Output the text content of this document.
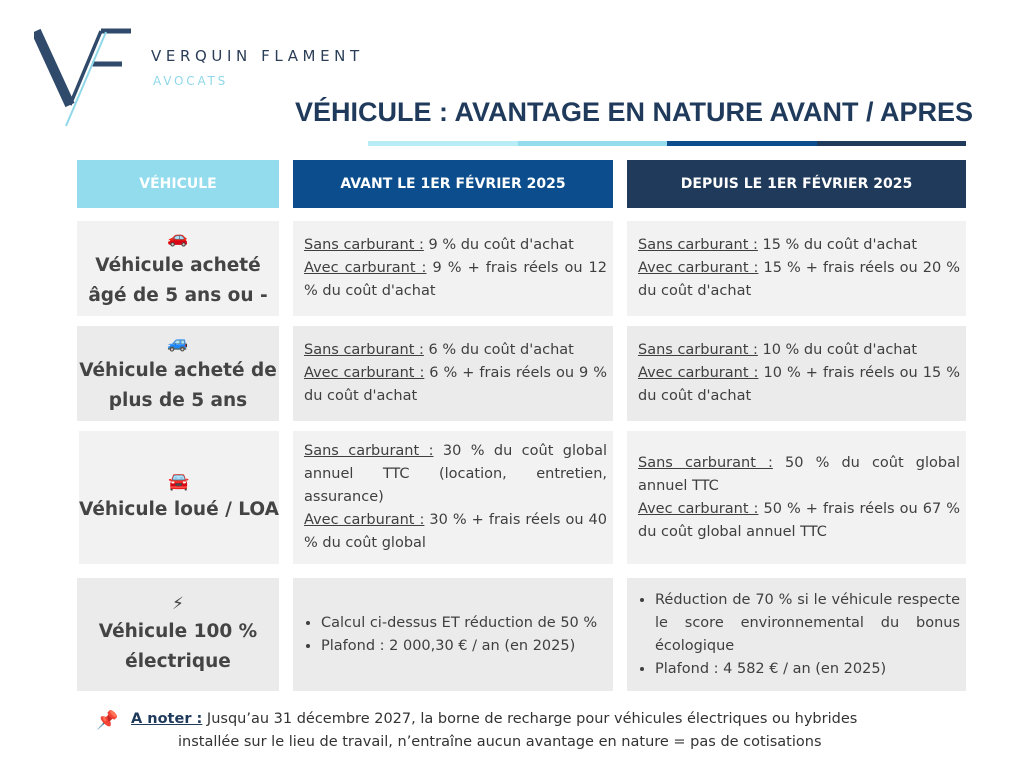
VERQUIN FLAMENT
AVOCATS
VÉHICULE : AVANTAGE EN NATURE AVANT / APRES
VÉHICULE	AVANT LE 1ER FÉVRIER 2025	DEPUIS LE 1ER FÉVRIER 2025
🚗
Véhicule acheté âgé de 5 ans ou -

Sans carburant : 9 % du coût d'achat

Avec carburant : 9 % + frais réels ou 12 % du coût d'achat

Sans carburant : 15 % du coût d'achat

Avec carburant : 15 % + frais réels ou 20 % du coût d'achat

🚙
Véhicule acheté de plus de 5 ans

Sans carburant : 6 % du coût d'achat

Avec carburant : 6 % + frais réels ou 9 % du coût d'achat

Sans carburant : 10 % du coût d'achat

Avec carburant : 10 % + frais réels ou 15 % du coût d'achat

🚘
Véhicule loué / LOA

Sans carburant : 30 % du coût global annuel TTC (location, entretien, assurance)

Avec carburant : 30 % + frais réels ou 40 % du coût global

Sans carburant : 50 % du coût global annuel TTC

Avec carburant : 50 % + frais réels ou 67 % du coût global annuel TTC

⚡
Véhicule 100 % électrique
• Calcul ci-dessus ET réduction de 50 %
• Plafond : 2 000,30 € / an (en 2025)
• Réduction de 70 % si le véhicule respecte le score environnemental du bonus écologique
• Plafond : 4 582 € / an (en 2025)
📌 A noter : Jusqu’au 31 décembre 2027, la borne de recharge pour véhicules électriques ou hybrides
installée sur le lieu de travail, n’entraîne aucun avantage en nature = pas de cotisations
